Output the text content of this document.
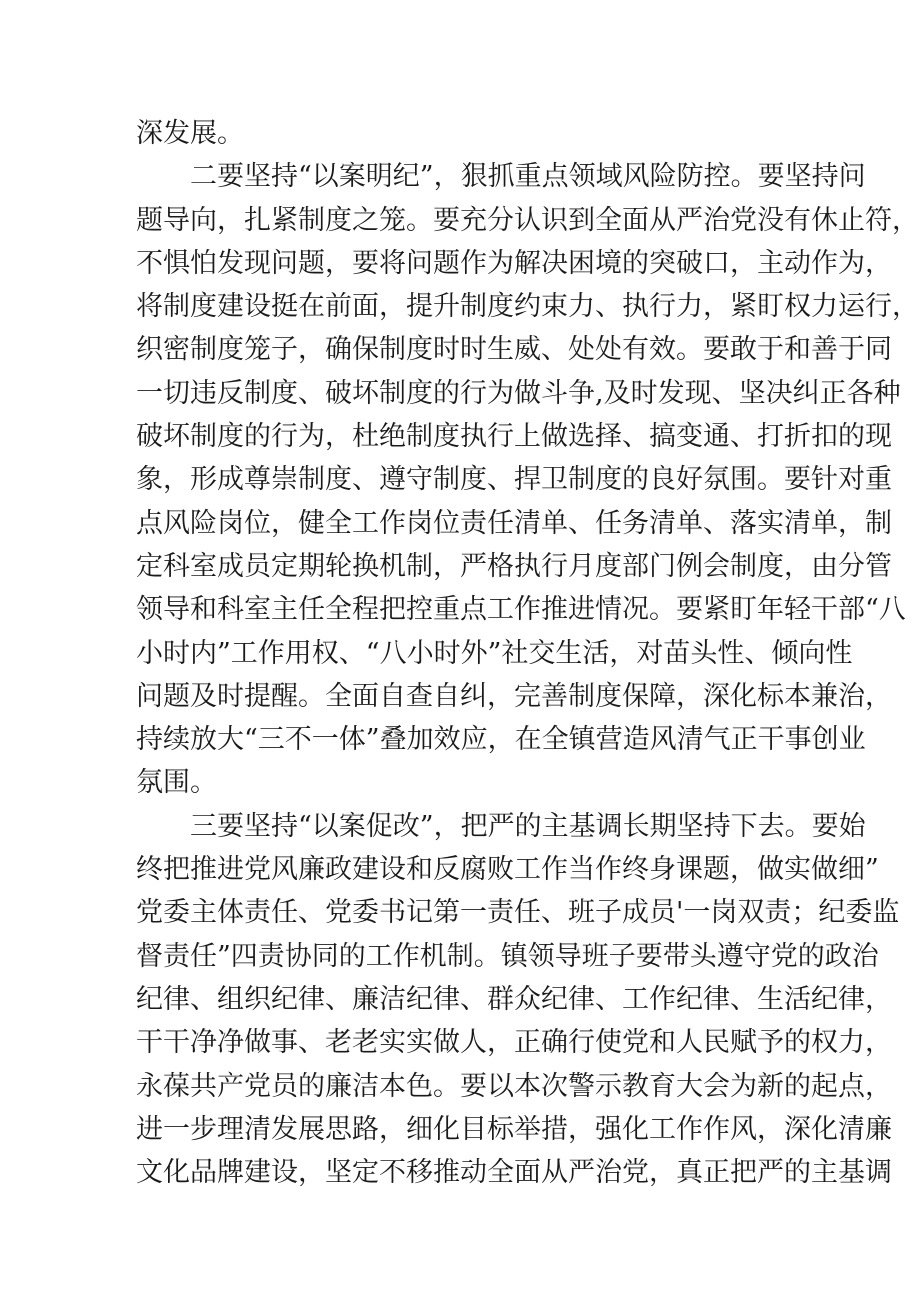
深发展。
二要坚持“以案明纪”，狠抓重点领域风险防控。要坚持问
题导向，扎紧制度之笼。要充分认识到全面从严治党没有休止符，
不惧怕发现问题，要将问题作为解决困境的突破口，主动作为，
将制度建设挺在前面，提升制度约束力、执行力，紧盯权力运行，
织密制度笼子，确保制度时时生威、处处有效。要敢于和善于同
一切违反制度、破坏制度的行为做斗争,及时发现、坚决纠正各种
破坏制度的行为，杜绝制度执行上做选择、搞变通、打折扣的现
象，形成尊崇制度、遵守制度、捍卫制度的良好氛围。要针对重
点风险岗位，健全工作岗位责任清单、任务清单、落实清单，制
定科室成员定期轮换机制，严格执行月度部门例会制度，由分管
领导和科室主任全程把控重点工作推进情况。要紧盯年轻干部“八
小时内”工作用权、“八小时外”社交生活，对苗头性、倾向性
问题及时提醒。全面自查自纠，完善制度保障，深化标本兼治，
持续放大“三不一体”叠加效应，在全镇营造风清气正干事创业
氛围。
三要坚持“以案促改”，把严的主基调长期坚持下去。要始
终把推进党风廉政建设和反腐败工作当作终身课题，做实做细”
党委主体责任、党委书记第一责任、班子成员'一岗双责；纪委监
督责任”四责协同的工作机制。镇领导班子要带头遵守党的政治
纪律、组织纪律、廉洁纪律、群众纪律、工作纪律、生活纪律，
干干净净做事、老老实实做人，正确行使党和人民赋予的权力，
永葆共产党员的廉洁本色。要以本次警示教育大会为新的起点，
进一步理清发展思路，细化目标举措，强化工作作风，深化清廉
文化品牌建设，坚定不移推动全面从严治党，真正把严的主基调
